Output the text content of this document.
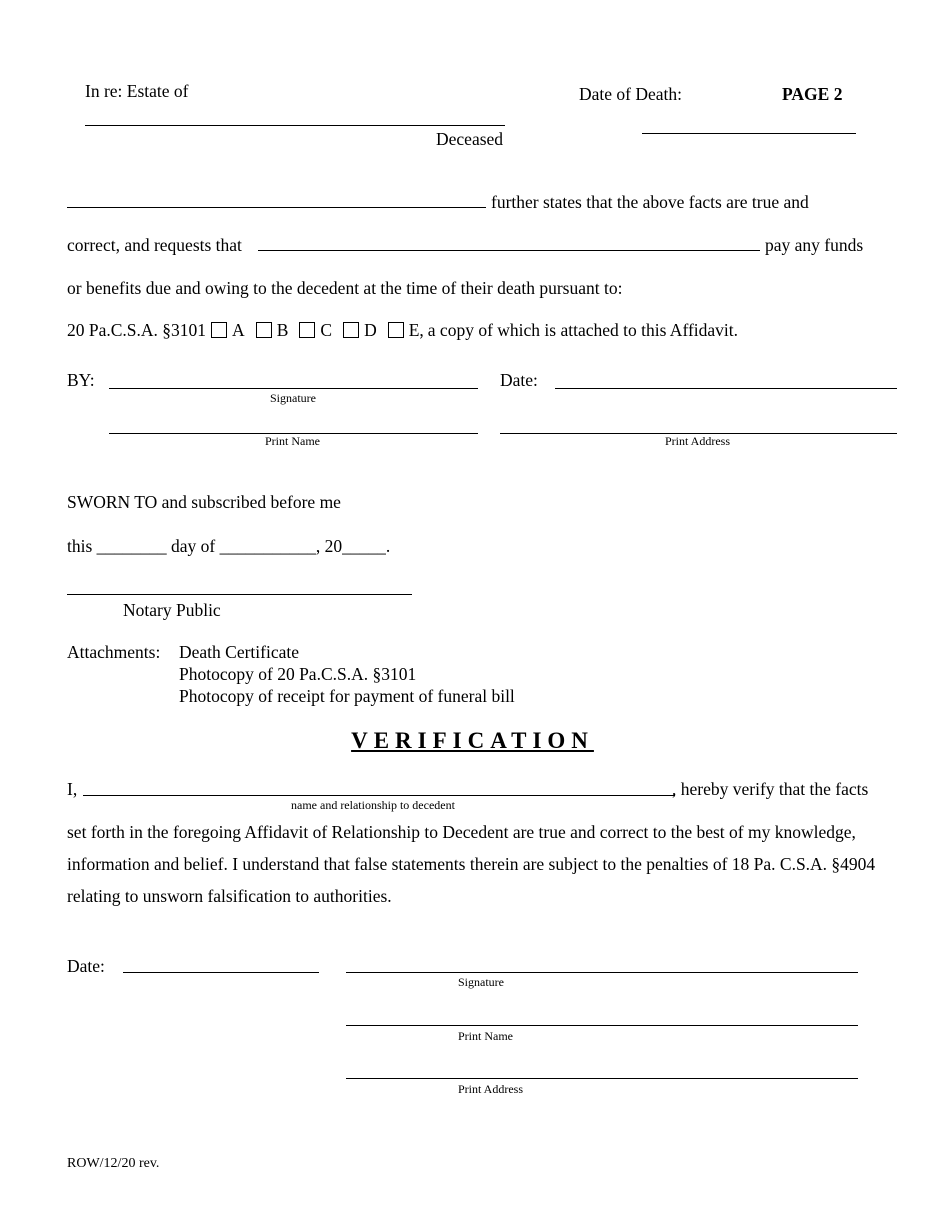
In re: Estate of
Deceased
Date of Death:	PAGE 2
further states that the above facts are true and
correct, and requests that	pay any funds
or benefits due and owing to the decedent at the time of their death pursuant to:
20 Pa.C.S.A. §3101 A B C D E, a copy of which is attached to this Affidavit.
BY:
Signature
Date:
Print Name	Print Address
SWORN TO and subscribed before me
this ________ day of ___________, 20_____.
Notary Public
Attachments: Death Certificate
Photocopy of 20 Pa.C.S.A. §3101
Photocopy of receipt for payment of funeral bill
VERIFICATION
I,	, hereby verify that the facts
name and relationship to decedent
set forth in the foregoing Affidavit of Relationship to Decedent are true and correct to the best of my knowledge, information and belief. I understand that false statements therein are subject to the penalties of 18 Pa. C.S.A. §4904 relating to unsworn falsification to authorities.
Date:
Signature
Print Name
Print Address
ROW/12/20 rev.
